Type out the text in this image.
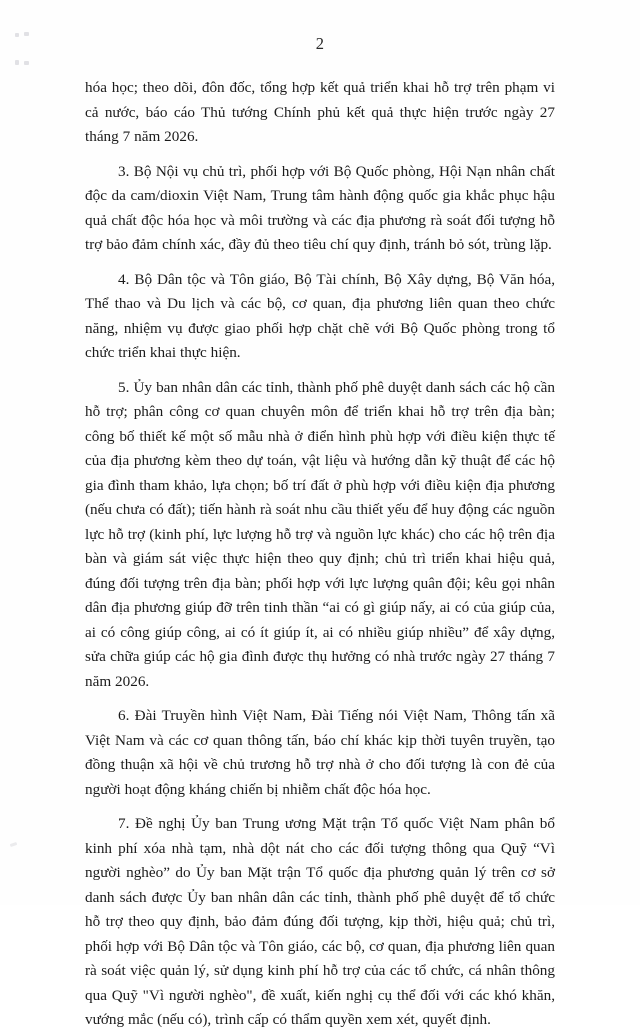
2

hóa học; theo dõi, đôn đốc, tổng hợp kết quả triển khai hỗ trợ trên phạm vi cả nước, báo cáo Thủ tướng Chính phủ kết quả thực hiện trước ngày 27 tháng 7 năm 2026.

3. Bộ Nội vụ chủ trì, phối hợp với Bộ Quốc phòng, Hội Nạn nhân chất độc da cam/dioxin Việt Nam, Trung tâm hành động quốc gia khắc phục hậu quả chất độc hóa học và môi trường và các địa phương rà soát đối tượng hỗ trợ bảo đảm chính xác, đầy đủ theo tiêu chí quy định, tránh bỏ sót, trùng lặp.

4. Bộ Dân tộc và Tôn giáo, Bộ Tài chính, Bộ Xây dựng, Bộ Văn hóa, Thể thao và Du lịch và các bộ, cơ quan, địa phương liên quan theo chức năng, nhiệm vụ được giao phối hợp chặt chẽ với Bộ Quốc phòng trong tổ chức triển khai thực hiện.

5. Ủy ban nhân dân các tỉnh, thành phố phê duyệt danh sách các hộ cần hỗ trợ; phân công cơ quan chuyên môn để triển khai hỗ trợ trên địa bàn; công bố thiết kế một số mẫu nhà ở điển hình phù hợp với điều kiện thực tế của địa phương kèm theo dự toán, vật liệu và hướng dẫn kỹ thuật để các hộ gia đình tham khảo, lựa chọn; bố trí đất ở phù hợp với điều kiện địa phương (nếu chưa có đất); tiến hành rà soát nhu cầu thiết yếu để huy động các nguồn lực hỗ trợ (kinh phí, lực lượng hỗ trợ và nguồn lực khác) cho các hộ trên địa bàn và giám sát việc thực hiện theo quy định; chủ trì triển khai hiệu quả, đúng đối tượng trên địa bàn; phối hợp với lực lượng quân đội; kêu gọi nhân dân địa phương giúp đỡ trên tinh thần “ai có gì giúp nấy, ai có của giúp của, ai có công giúp công, ai có ít giúp ít, ai có nhiều giúp nhiều” để xây dựng, sửa chữa giúp các hộ gia đình được thụ hưởng có nhà trước ngày 27 tháng 7 năm 2026.

6. Đài Truyền hình Việt Nam, Đài Tiếng nói Việt Nam, Thông tấn xã Việt Nam và các cơ quan thông tấn, báo chí khác kịp thời tuyên truyền, tạo đồng thuận xã hội về chủ trương hỗ trợ nhà ở cho đối tượng là con đẻ của người hoạt động kháng chiến bị nhiễm chất độc hóa học.

7. Đề nghị Ủy ban Trung ương Mặt trận Tổ quốc Việt Nam phân bổ kinh phí xóa nhà tạm, nhà dột nát cho các đối tượng thông qua Quỹ “Vì người nghèo” do Ủy ban Mặt trận Tổ quốc địa phương quản lý trên cơ sở danh sách được Ủy ban nhân dân các tỉnh, thành phố phê duyệt để tổ chức hỗ trợ theo quy định, bảo đảm đúng đối tượng, kịp thời, hiệu quả; chủ trì, phối hợp với Bộ Dân tộc và Tôn giáo, các bộ, cơ quan, địa phương liên quan rà soát việc quản lý, sử dụng kinh phí hỗ trợ của các tổ chức, cá nhân thông qua Quỹ "Vì người nghèo", đề xuất, kiến nghị cụ thể đối với các khó khăn, vướng mắc (nếu có), trình cấp có thẩm quyền xem xét, quyết định.
